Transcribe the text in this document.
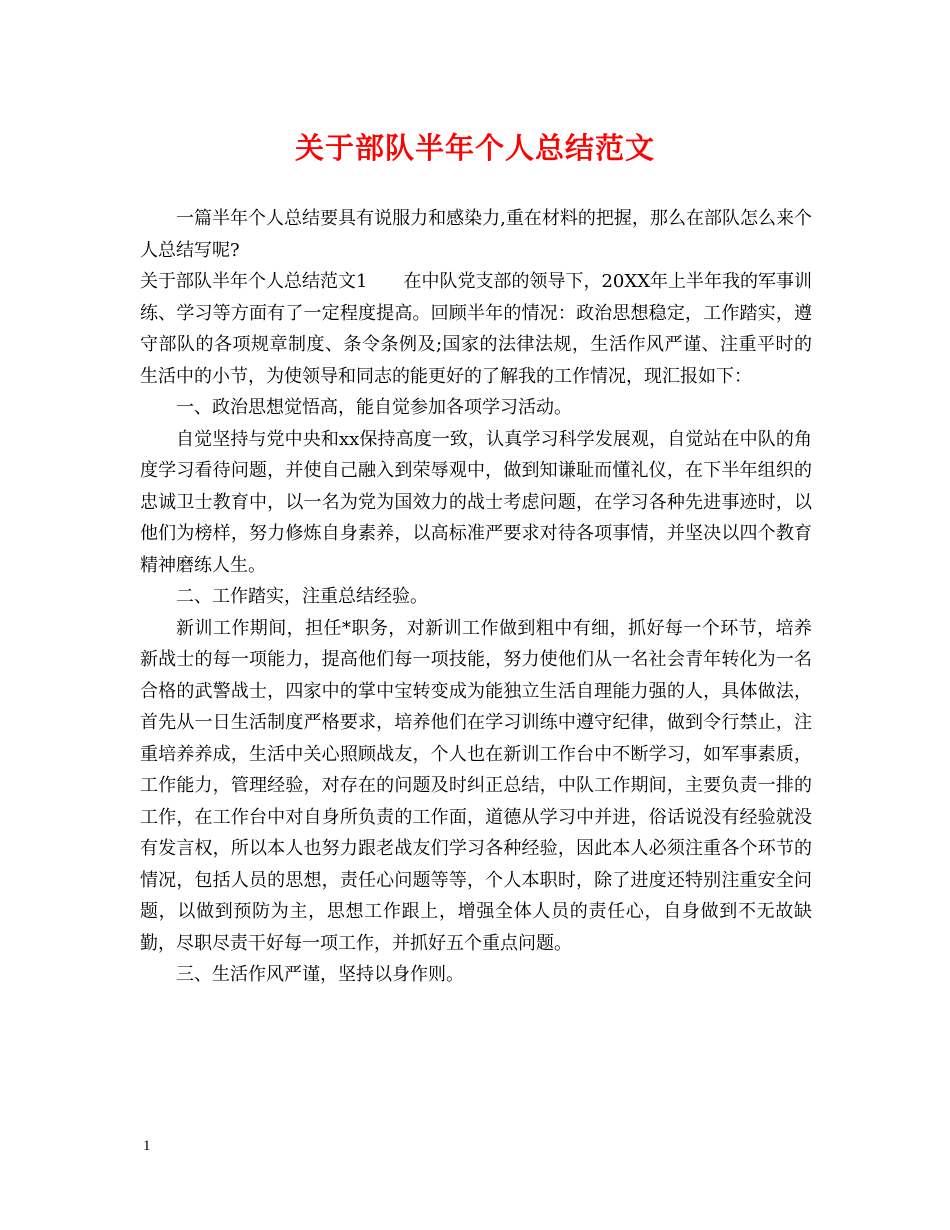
关于部队半年个人总结范文

一篇半年个人总结要具有说服力和感染力,重在材料的把握，那么在部队怎么来个人总结写呢?

关于部队半年个人总结范文1 在中队党支部的领导下，20XX年上半年我的军事训练、学习等方面有了一定程度提高。回顾半年的情况：政治思想稳定，工作踏实，遵守部队的各项规章制度、条令条例及;国家的法律法规，生活作风严谨、注重平时的生活中的小节，为使领导和同志的能更好的了解我的工作情况，现汇报如下：

一、政治思想觉悟高，能自觉参加各项学习活动。

自觉坚持与党中央和xx保持高度一致，认真学习科学发展观，自觉站在中队的角度学习看待问题，并使自己融入到荣辱观中，做到知谦耻而懂礼仪，在下半年组织的忠诚卫士教育中，以一名为党为国效力的战士考虑问题，在学习各种先进事迹时，以他们为榜样，努力修炼自身素养，以高标准严要求对待各项事情，并坚决以四个教育精神磨练人生。

二、工作踏实，注重总结经验。

新训工作期间，担任*职务，对新训工作做到粗中有细，抓好每一个环节，培养新战士的每一项能力，提高他们每一项技能，努力使他们从一名社会青年转化为一名合格的武警战士，四家中的掌中宝转变成为能独立生活自理能力强的人，具体做法，首先从一日生活制度严格要求，培养他们在学习训练中遵守纪律，做到令行禁止，注重培养养成，生活中关心照顾战友，个人也在新训工作台中不断学习，如军事素质，工作能力，管理经验，对存在的问题及时纠正总结，中队工作期间，主要负责一排的工作，在工作台中对自身所负责的工作面，道德从学习中并进，俗话说没有经验就没有发言权，所以本人也努力跟老战友们学习各种经验，因此本人必须注重各个环节的情况，包括人员的思想，责任心问题等等，个人本职时，除了进度还特别注重安全问题，以做到预防为主，思想工作跟上，增强全体人员的责任心，自身做到不无故缺勤，尽职尽责干好每一项工作，并抓好五个重点问题。

三、生活作风严谨，坚持以身作则。

1
